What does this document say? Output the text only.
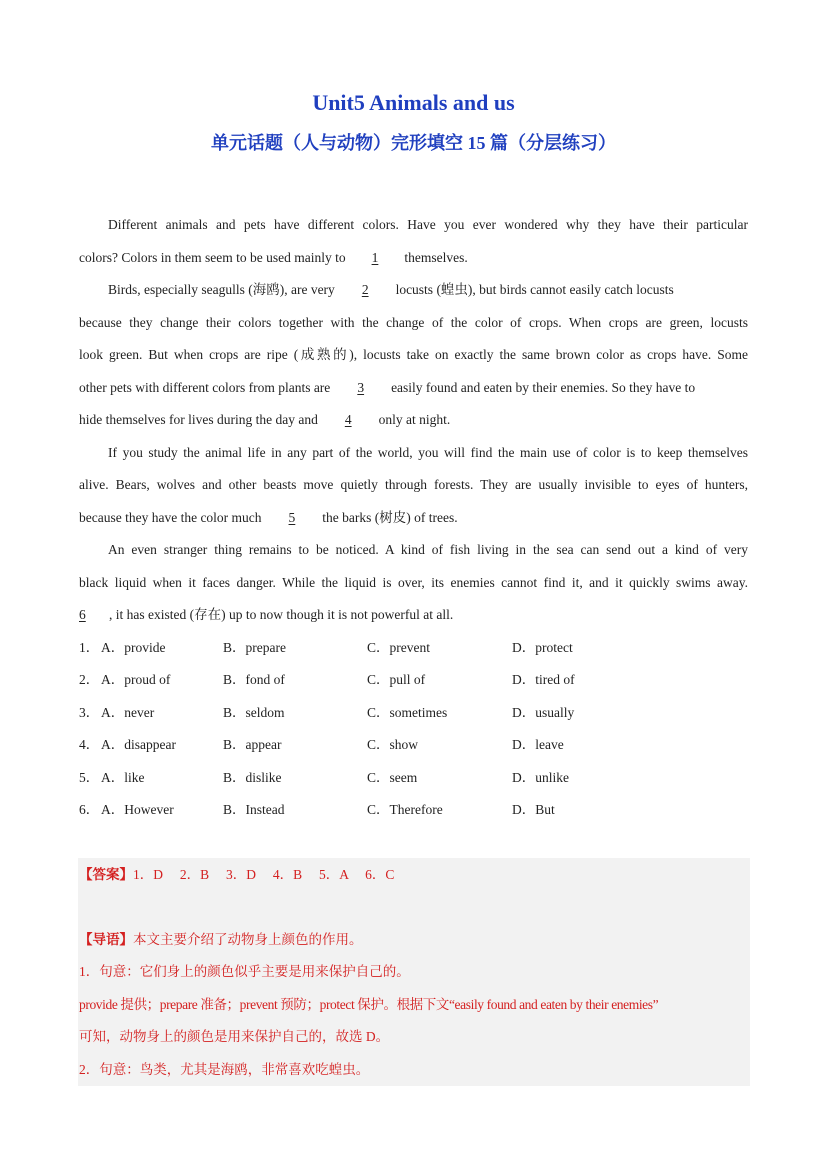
Unit5 Animals and us
单元话题（人与动物）完形填空 15 篇（分层练习）
Different animals and pets have different colors. Have you ever wondered why they have their particular
colors? Colors in them seem to be used mainly to 1 themselves.
Birds, especially seagulls (海鸥), are very 2 locusts (蝗虫), but birds cannot easily catch locusts
because they change their colors together with the change of the color of crops. When crops are green, locusts
look green. But when crops are ripe (成熟的), locusts take on exactly the same brown color as crops have. Some
other pets with different colors from plants are 3 easily found and eaten by their enemies. So they have to
hide themselves for lives during the day and 4 only at night.
If you study the animal life in any part of the world, you will find the main use of color is to keep themselves
alive. Bears, wolves and other beasts move quietly through forests. They are usually invisible to eyes of hunters,
because they have the color much 5 the barks (树皮) of trees.
An even stranger thing remains to be noticed. A kind of fish living in the sea can send out a kind of very
black liquid when it faces danger. While the liquid is over, its enemies cannot find it, and it quickly swims away.
6 , it has existed (存在) up to now though it is not powerful at all.
1． A．provide	B．prepare	C．prevent	D．protect
2． A．proud of	B．fond of	C．pull of	D．tired of
3． A．never	B．seldom	C．sometimes	D．usually
4． A．disappear	B．appear	C．show	D．leave
5． A．like	B．dislike	C．seem	D．unlike
6． A．However	B．Instead	C．Therefore	D．But
【答案】1．D　 2．B　 3．D　 4．B　 5．A　 6．C
【导语】本文主要介绍了动物身上颜色的作用。
1．句意：它们身上的颜色似乎主要是用来保护自己的。
provide 提供；prepare 准备；prevent 预防；protect 保护。根据下文“easily found and eaten by their enemies”
可知，动物身上的颜色是用来保护自己的，故选 D。
2．句意：鸟类，尤其是海鸥，非常喜欢吃蝗虫。
